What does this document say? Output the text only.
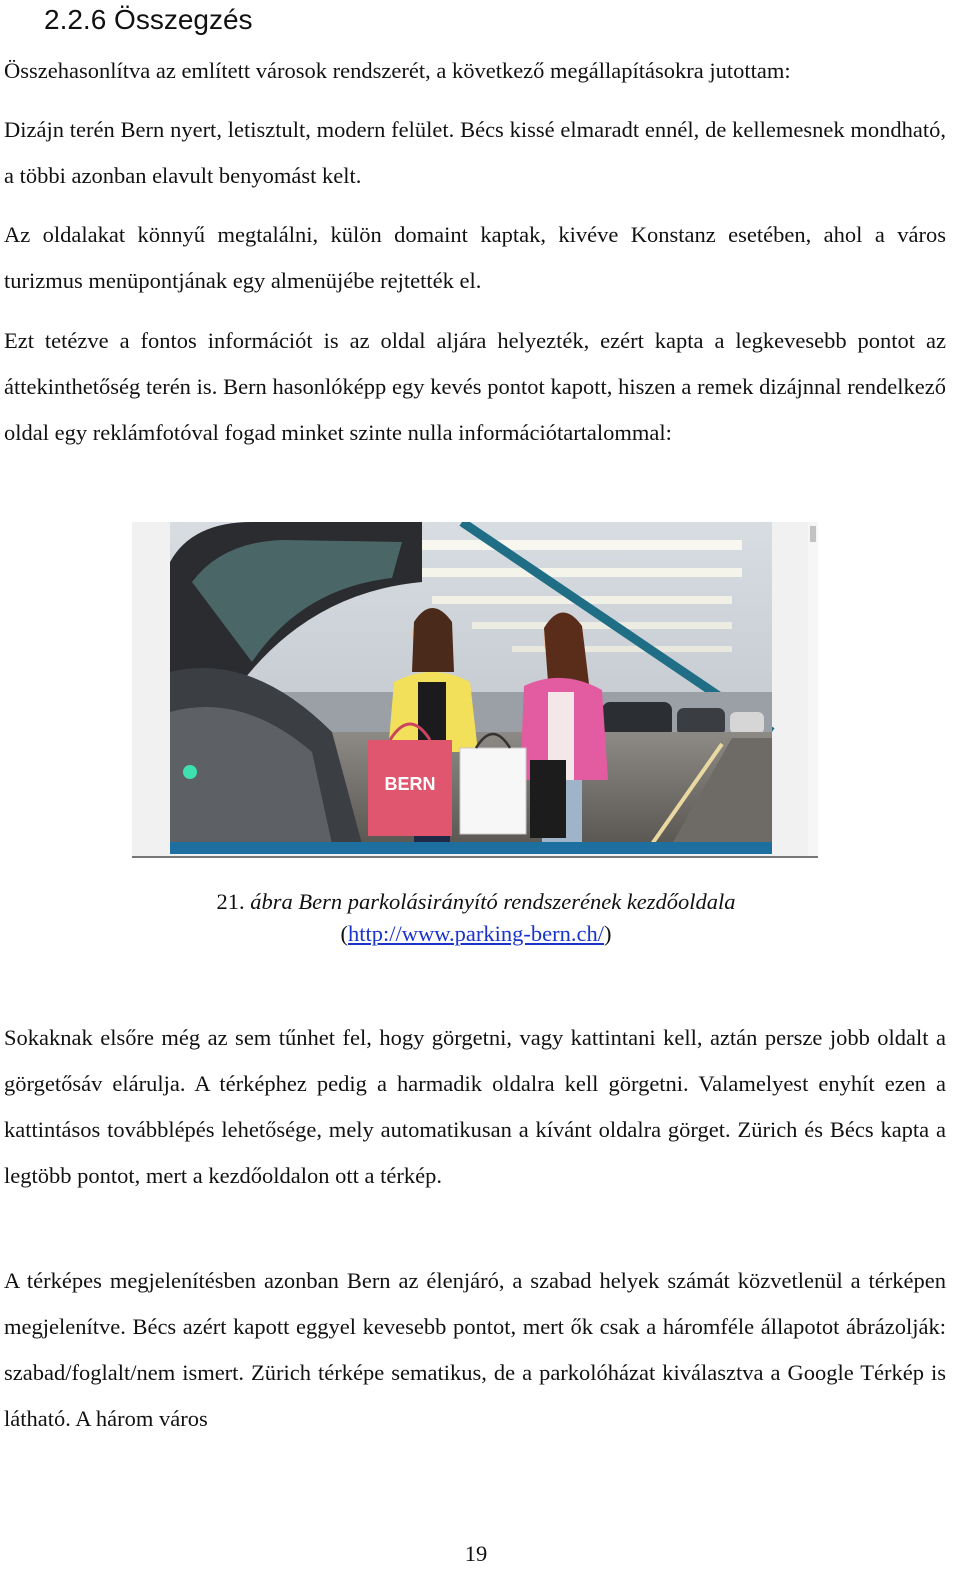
2.2.6 Összegzés

Összehasonlítva az említett városok rendszerét, a következő megállapításokra jutottam:

Dizájn terén Bern nyert, letisztult, modern felület. Bécs kissé elmaradt ennél, de kellemesnek mondható, a többi azonban elavult benyomást kelt.

Az oldalakat könnyű megtalálni, külön domaint kaptak, kivéve Konstanz esetében, ahol a város turizmus menüpontjának egy almenüjébe rejtették el.

Ezt tetézve a fontos információt is az oldal aljára helyezték, ezért kapta a legkevesebb pontot az áttekinthetőség terén is. Bern hasonlóképp egy kevés pontot kapott, hiszen a remek dizájnnal rendelkező oldal egy reklámfotóval fogad minket szinte nulla információtartalommal:

BERN
21. ábra Bern parkolásirányító rendszerének kezdőoldala
(http://www.parking-bern.ch/)

Sokaknak elsőre még az sem tűnhet fel, hogy görgetni, vagy kattintani kell, aztán persze jobb oldalt a görgetősáv elárulja. A térképhez pedig a harmadik oldalra kell görgetni. Valamelyest enyhít ezen a kattintásos továbblépés lehetősége, mely automatikusan a kívánt oldalra görget. Zürich és Bécs kapta a legtöbb pontot, mert a kezdőoldalon ott a térkép.

A térképes megjelenítésben azonban Bern az élenjáró, a szabad helyek számát közvetlenül a térképen megjelenítve. Bécs azért kapott eggyel kevesebb pontot, mert ők csak a háromféle állapotot ábrázolják: szabad/foglalt/nem ismert. Zürich térképe sematikus, de a parkolóházat kiválasztva a Google Térkép is látható. A három város

19
